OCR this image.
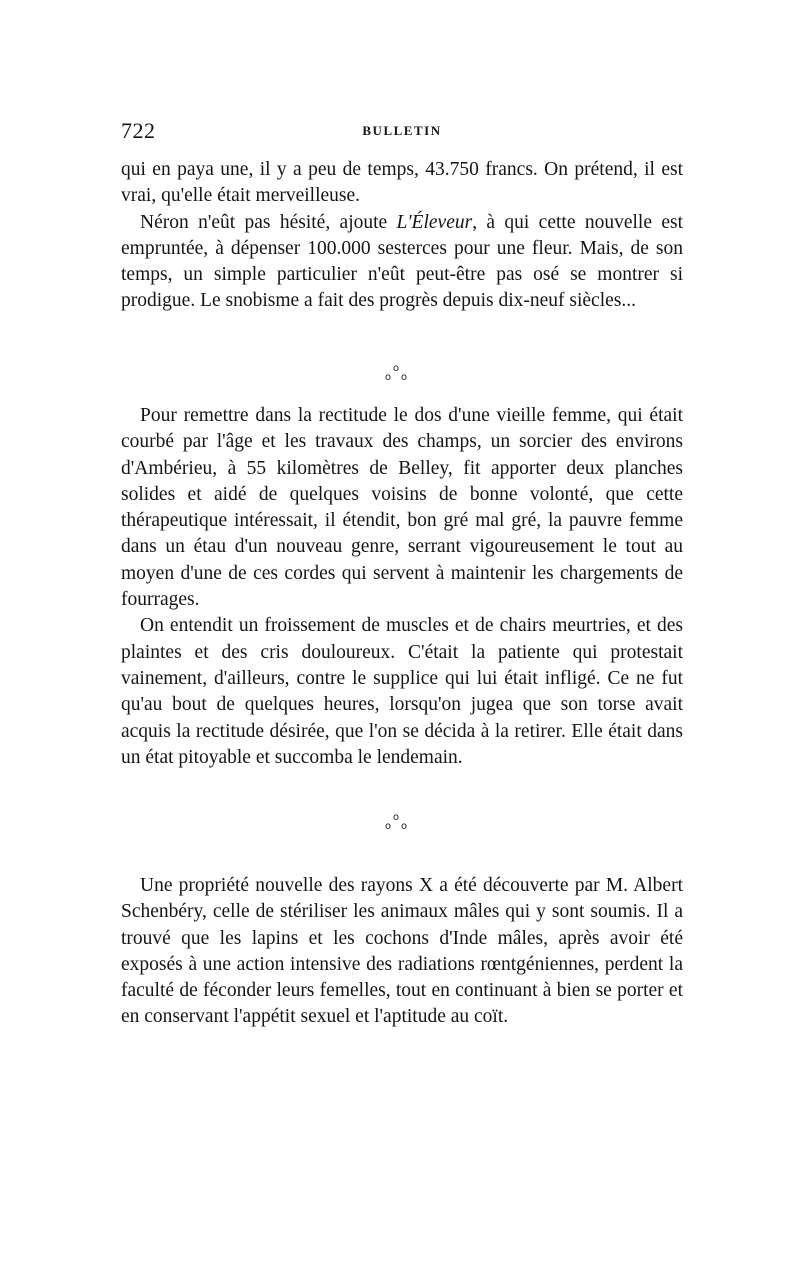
722	BULLETIN

qui en paya une, il y a peu de temps, 43.750 francs. On prétend, il est vrai, qu'elle était merveilleuse.

Néron n'eût pas hésité, ajoute L'Éleveur, à qui cette nouvelle est empruntée, à dépenser 100.000 sesterces pour une fleur. Mais, de son temps, un simple particulier n'eût peut-être pas osé se montrer si prodigue. Le snobisme a fait des progrès depuis dix-neuf siècles...

o
o o

Pour remettre dans la rectitude le dos d'une vieille femme, qui était courbé par l'âge et les travaux des champs, un sorcier des environs d'Ambérieu, à 55 kilomètres de Belley, fit apporter deux planches solides et aidé de quelques voisins de bonne volonté, que cette thérapeutique intéressait, il étendit, bon gré mal gré, la pauvre femme dans un étau d'un nouveau genre, serrant vigoureusement le tout au moyen d'une de ces cordes qui servent à maintenir les chargements de fourrages.

On entendit un froissement de muscles et de chairs meurtries, et des plaintes et des cris douloureux. C'était la patiente qui protestait vainement, d'ailleurs, contre le supplice qui lui était infligé. Ce ne fut qu'au bout de quelques heures, lorsqu'on jugea que son torse avait acquis la rectitude désirée, que l'on se décida à la retirer. Elle était dans un état pitoyable et succomba le lendemain.

o
o o

Une propriété nouvelle des rayons X a été découverte par M. Albert Schenbéry, celle de stériliser les animaux mâles qui y sont soumis. Il a trouvé que les lapins et les cochons d'Inde mâles, après avoir été exposés à une action intensive des radiations rœntgéniennes, perdent la faculté de féconder leurs femelles, tout en continuant à bien se porter et en conservant l'appétit sexuel et l'aptitude au coït.
